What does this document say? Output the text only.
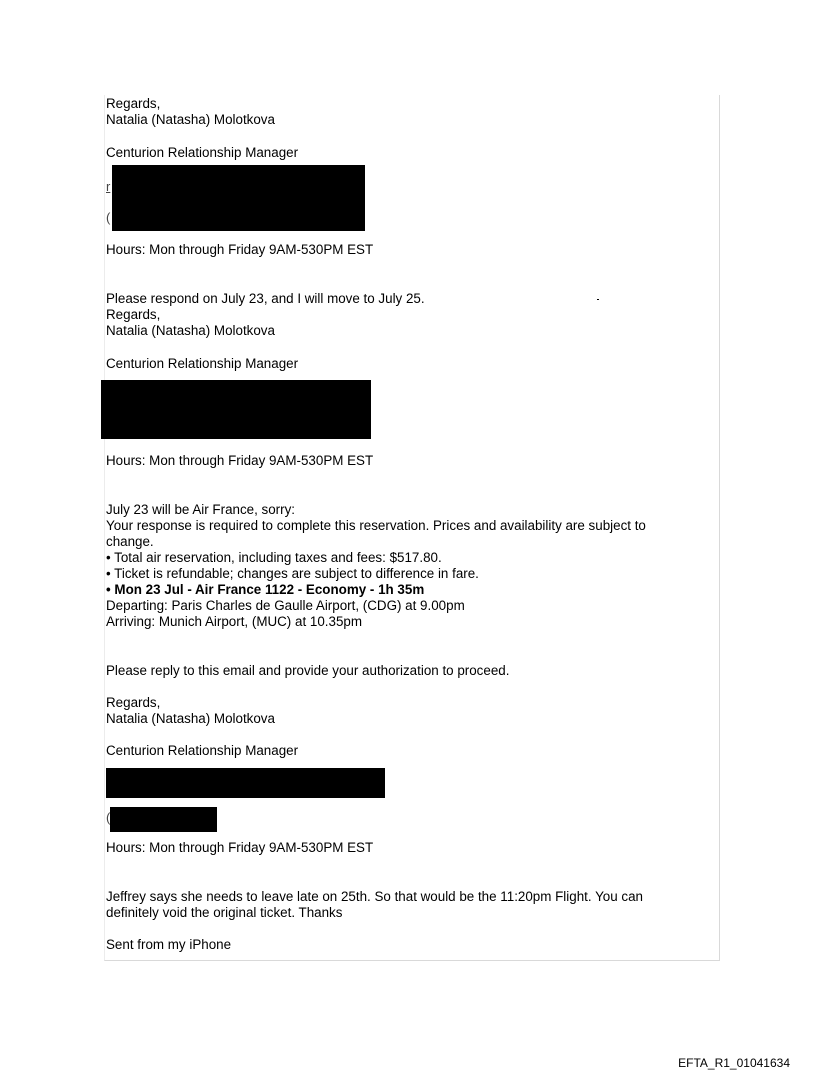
Regards,
Natalia (Natasha) Molotkova
Centurion Relationship Manager
r
(
Hours: Mon through Friday 9AM-530PM EST
Please respond on July 23, and I will move to July 25.
Regards,
Natalia (Natasha) Molotkova
Centurion Relationship Manager
Hours: Mon through Friday 9AM-530PM EST
July 23 will be Air France, sorry:
Your response is required to complete this reservation. Prices and availability are subject to
change.
• Total air reservation, including taxes and fees: $517.80.
• Ticket is refundable; changes are subject to difference in fare.
• Mon 23 Jul - Air France 1122 - Economy - 1h 35m
Departing: Paris Charles de Gaulle Airport, (CDG) at 9.00pm
Arriving: Munich Airport, (MUC) at 10.35pm
Please reply to this email and provide your authorization to proceed.
Regards,
Natalia (Natasha) Molotkova
Centurion Relationship Manager
(
Hours: Mon through Friday 9AM-530PM EST
Jeffrey says she needs to leave late on 25th. So that would be the 11:20pm Flight. You can
definitely void the original ticket. Thanks
Sent from my iPhone
EFTA_R1_01041634
